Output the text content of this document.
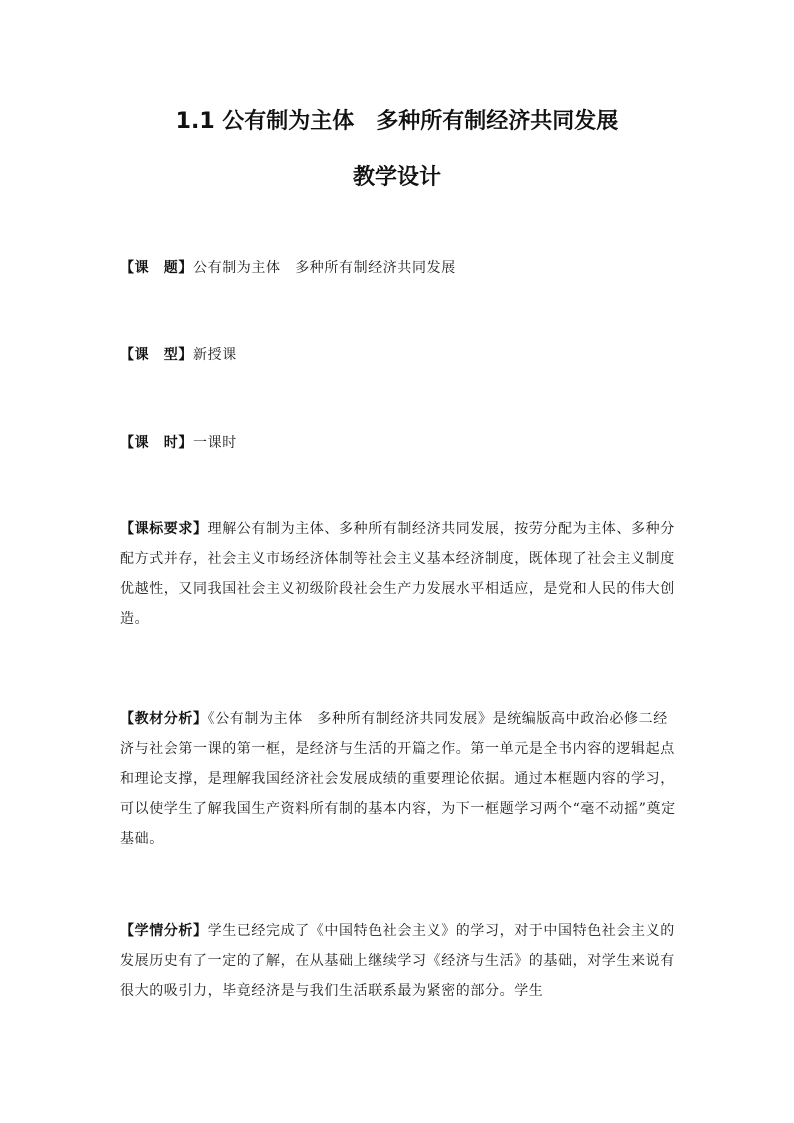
1.1 公有制为主体　多种所有制经济共同发展
教学设计

【课　题】公有制为主体　多种所有制经济共同发展

【课　型】新授课

【课　时】一课时

【课标要求】理解公有制为主体、多种所有制经济共同发展，按劳分配为主体、多种分配方式并存，社会主义市场经济体制等社会主义基本经济制度，既体现了社会主义制度优越性，又同我国社会主义初级阶段社会生产力发展水平相适应，是党和人民的伟大创造。

【教材分析】《公有制为主体　多种所有制经济共同发展》是统编版高中政治必修二经济与社会第一课的第一框，是经济与生活的开篇之作。第一单元是全书内容的逻辑起点和理论支撑，是理解我国经济社会发展成绩的重要理论依据。通过本框题内容的学习，可以使学生了解我国生产资料所有制的基本内容，为下一框题学习两个“毫不动摇”奠定基础。

【学情分析】学生已经完成了《中国特色社会主义》的学习，对于中国特色社会主义的发展历史有了一定的了解，在从基础上继续学习《经济与生活》的基础，对学生来说有很大的吸引力，毕竟经济是与我们生活联系最为紧密的部分。学生
